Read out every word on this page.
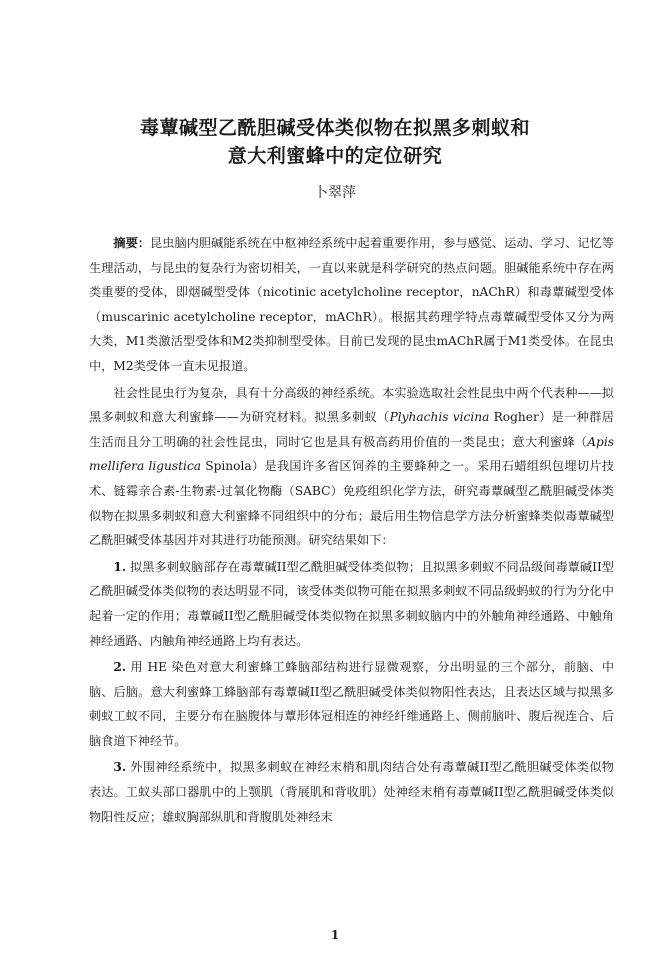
毒蕈碱型乙酰胆碱受体类似物在拟黑多刺蚁和
意大利蜜蜂中的定位研究
卜翠萍

摘要：昆虫脑内胆碱能系统在中枢神经系统中起着重要作用，参与感觉、运动、学习、记忆等生理活动，与昆虫的复杂行为密切相关，一直以来就是科学研究的热点问题。胆碱能系统中存在两类重要的受体，即烟碱型受体（nicotinic acetylcholine receptor，nAChR）和毒蕈碱型受体（muscarinic acetylcholine receptor，mAChR）。根据其药理学特点毒蕈碱型受体又分为两大类，M1类激活型受体和M2类抑制型受体。目前已发现的昆虫mAChR属于M1类受体。在昆虫中，M2类受体一直未见报道。

社会性昆虫行为复杂，具有十分高级的神经系统。本实验选取社会性昆虫中两个代表种——拟黑多刺蚁和意大利蜜蜂——为研究材料。拟黑多刺蚁（Plyhachis vicina Rogher）是一种群居生活而且分工明确的社会性昆虫，同时它也是具有极高药用价值的一类昆虫；意大利蜜蜂（Apis mellifera ligustica Spinola）是我国许多省区饲养的主要蜂种之一。采用石蜡组织包埋切片技术、链霉亲合素-生物素-过氧化物酶（SABC）免疫组织化学方法，研究毒蕈碱型乙酰胆碱受体类似物在拟黑多刺蚁和意大利蜜蜂不同组织中的分布；最后用生物信息学方法分析蜜蜂类似毒蕈碱型乙酰胆碱受体基因并对其进行功能预测。研究结果如下：

1. 拟黑多刺蚁脑部存在毒蕈碱II型乙酰胆碱受体类似物；且拟黑多刺蚁不同品级间毒蕈碱II型乙酰胆碱受体类似物的表达明显不同，该受体类似物可能在拟黑多刺蚁不同品级蚂蚁的行为分化中起着一定的作用；毒蕈碱II型乙酰胆碱受体类似物在拟黑多刺蚁脑内中的外触角神经通路、中触角神经通路、内触角神经通路上均有表达。

2. 用 HE 染色对意大利蜜蜂工蜂脑部结构进行显微观察，分出明显的三个部分，前脑、中脑、后脑。意大利蜜蜂工蜂脑部有毒蕈碱II型乙酰胆碱受体类似物阳性表达，且表达区域与拟黑多刺蚁工蚁不同，主要分布在脑腹体与蕈形体冠相连的神经纤维通路上、侧前脑叶、腹后视连合、后脑食道下神经节。

3. 外围神经系统中，拟黑多刺蚁在神经末梢和肌肉结合处有毒蕈碱II型乙酰胆碱受体类似物表达。工蚁头部口器肌中的上颚肌（背展肌和背收肌）处神经末梢有毒蕈碱II型乙酰胆碱受体类似物阳性反应；雄蚁胸部纵肌和背腹肌处神经末

1
